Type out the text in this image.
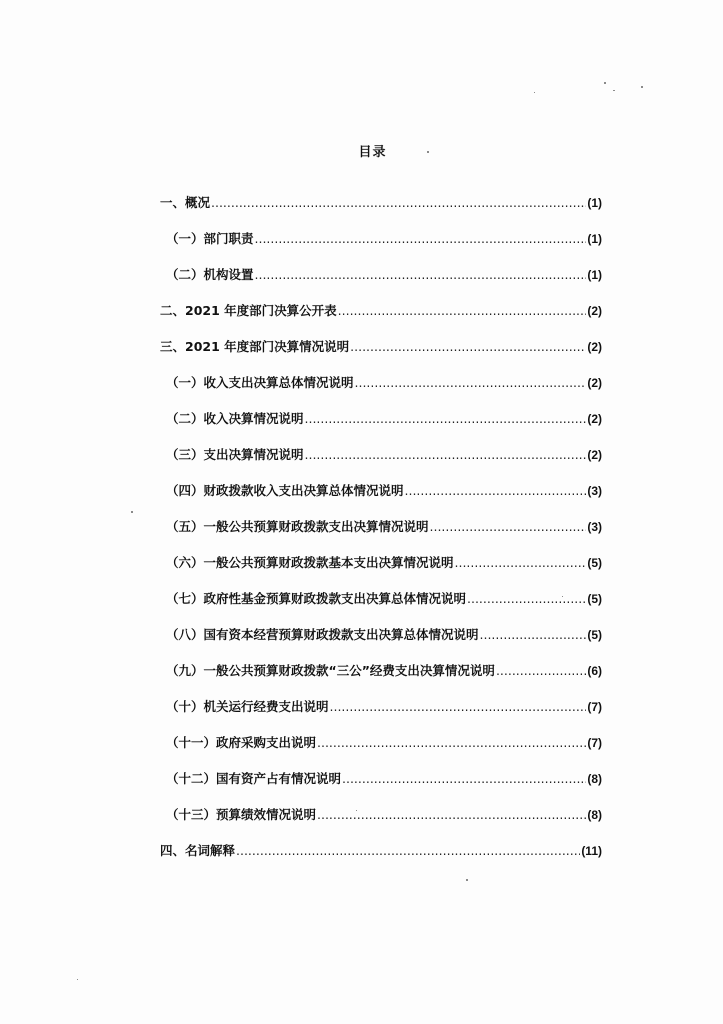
目录
一、概况 .....	(1)
（一）部门职责 .....	(1)
（二）机构设置 .....	(1)
二、2021 年度部门决算公开表 .....	(2)
三、2021 年度部门决算情况说明 .....	(2)
（一）收入支出决算总体情况说明 .....	(2)
（二）收入决算情况说明 .....	(2)
（三）支出决算情况说明 .....	(2)
（四）财政拨款收入支出决算总体情况说明 .....	(3)
（五）一般公共预算财政拨款支出决算情况说明 .....	(3)
（六）一般公共预算财政拨款基本支出决算情况说明 .....	(5)
（七）政府性基金预算财政拨款支出决算总体情况说明 .....	(5)
（八）国有资本经营预算财政拨款支出决算总体情况说明 .....	(5)
（九）一般公共预算财政拨款“三公”经费支出决算情况说明 .....	(6)
（十）机关运行经费支出说明 .....	(7)
（十一）政府采购支出说明 .....	(7)
（十二）国有资产占有情况说明 .....	(8)
（十三）预算绩效情况说明 .....	(8)
四、名词解释 .....	(11)
